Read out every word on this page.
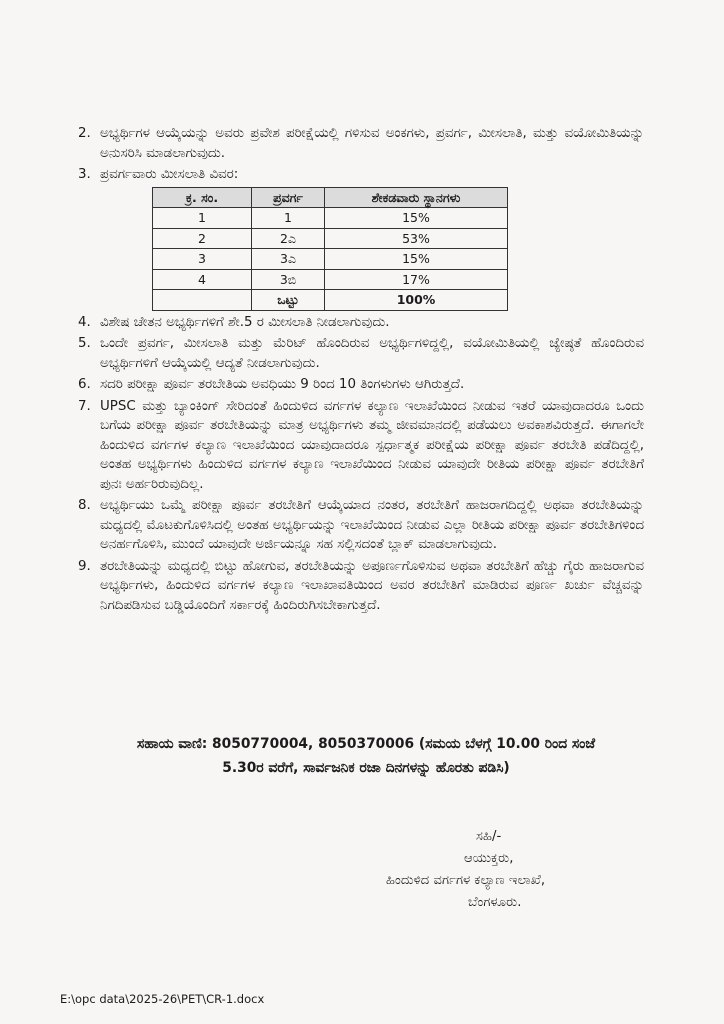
2. ಅಭ್ಯರ್ಥಿಗಳ ಆಯ್ಕೆಯನ್ನು ಅವರು ಪ್ರವೇಶ ಪರೀಕ್ಷೆಯಲ್ಲಿ ಗಳಿಸುವ ಅಂಕಗಳು, ಪ್ರವರ್ಗ, ಮೀಸಲಾತಿ, ಮತ್ತು ವಯೋಮಿತಿಯನ್ನು ಅನುಸರಿಸಿ ಮಾಡಲಾಗುವುದು.
3. ಪ್ರವರ್ಗವಾರು ಮೀಸಲಾತಿ ವಿವರ:
ಕ್ರ. ಸಂ.	ಪ್ರವರ್ಗ	ಶೇಕಡವಾರು ಸ್ಥಾನಗಳು
1	1	15%
2	2ಎ	53%
3	3ಎ	15%
4	3ಬಿ	17%
	ಒಟ್ಟು	100%
4. ವಿಶೇಷ ಚೇತನ ಅಭ್ಯರ್ಥಿಗಳಿಗೆ ಶೇ.5 ರ ಮೀಸಲಾತಿ ನೀಡಲಾಗುವುದು.
5. ಒಂದೇ ಪ್ರವರ್ಗ, ಮೀಸಲಾತಿ ಮತ್ತು ಮೆರಿಟ್ ಹೊಂದಿರುವ ಅಭ್ಯರ್ಥಿಗಳಿದ್ದಲ್ಲಿ, ವಯೋಮಿತಿಯಲ್ಲಿ ಜ್ಯೇಷ್ಠತೆ ಹೊಂದಿರುವ ಅಭ್ಯರ್ಥಿಗಳಿಗೆ ಆಯ್ಕೆಯಲ್ಲಿ ಆದ್ಯತೆ ನೀಡಲಾಗುವುದು.
6. ಸದರಿ ಪರೀಕ್ಷಾ ಪೂರ್ವ ತರಬೇತಿಯ ಅವಧಿಯು 9 ರಿಂದ 10 ತಿಂಗಳುಗಳು ಆಗಿರುತ್ತದೆ.
7. UPSC ಮತ್ತು ಬ್ಯಾಂಕಿಂಗ್ ಸೇರಿದಂತೆ ಹಿಂದುಳಿದ ವರ್ಗಗಳ ಕಲ್ಯಾಣ ಇಲಾಖೆಯಿಂದ ನೀಡುವ ಇತರೆ ಯಾವುದಾದರೂ ಒಂದು ಬಗೆಯ ಪರೀಕ್ಷಾ ಪೂರ್ವ ತರಬೇತಿಯನ್ನು ಮಾತ್ರ ಅಭ್ಯರ್ಥಿಗಳು ತಮ್ಮ ಜೀವಮಾನದಲ್ಲಿ ಪಡೆಯಲು ಅವಕಾಶವಿರುತ್ತದೆ. ಈಗಾಗಲೇ ಹಿಂದುಳಿದ ವರ್ಗಗಳ ಕಲ್ಯಾಣ ಇಲಾಖೆಯಿಂದ ಯಾವುದಾದರೂ ಸ್ಪರ್ಧಾತ್ಮಕ ಪರೀಕ್ಷೆಯ ಪರೀಕ್ಷಾ ಪೂರ್ವ ತರಬೇತಿ ಪಡೆದಿದ್ದಲ್ಲಿ, ಅಂತಹ ಅಭ್ಯರ್ಥಿಗಳು ಹಿಂದುಳಿದ ವರ್ಗಗಳ ಕಲ್ಯಾಣ ಇಲಾಖೆಯಿಂದ ನೀಡುವ ಯಾವುದೇ ರೀತಿಯ ಪರೀಕ್ಷಾ ಪೂರ್ವ ತರಬೇತಿಗೆ ಪುನಃ ಅರ್ಹರಿರುವುದಿಲ್ಲ.
8. ಅಭ್ಯರ್ಥಿಯು ಒಮ್ಮೆ ಪರೀಕ್ಷಾ ಪೂರ್ವ ತರಬೇತಿಗೆ ಆಯ್ಕೆಯಾದ ನಂತರ, ತರಬೇತಿಗೆ ಹಾಜರಾಗದಿದ್ದಲ್ಲಿ ಅಥವಾ ತರಬೇತಿಯನ್ನು ಮಧ್ಯದಲ್ಲಿ ಮೊಟಕುಗೊಳಿಸಿದಲ್ಲಿ ಅಂತಹ ಅಭ್ಯರ್ಥಿಯನ್ನು ಇಲಾಖೆಯಿಂದ ನೀಡುವ ಎಲ್ಲಾ ರೀತಿಯ ಪರೀಕ್ಷಾ ಪೂರ್ವ ತರಬೇತಿಗಳಿಂದ ಅನರ್ಹಗೊಳಿಸಿ, ಮುಂದೆ ಯಾವುದೇ ಅರ್ಜಿಯನ್ನೂ ಸಹ ಸಲ್ಲಿಸದಂತೆ ಬ್ಲಾಕ್ ಮಾಡಲಾಗುವುದು.
9. ತರಬೇತಿಯನ್ನು ಮಧ್ಯದಲ್ಲಿ ಬಿಟ್ಟು ಹೋಗುವ, ತರಬೇತಿಯನ್ನು ಅಪೂರ್ಣಗೊಳಿಸುವ ಅಥವಾ ತರಬೇತಿಗೆ ಹೆಚ್ಚು ಗೈರು ಹಾಜರಾಗುವ ಅಭ್ಯರ್ಥಿಗಳು, ಹಿಂದುಳಿದ ವರ್ಗಗಳ ಕಲ್ಯಾಣ ಇಲಾಖಾವತಿಯಿಂದ ಅವರ ತರಬೇತಿಗೆ ಮಾಡಿರುವ ಪೂರ್ಣ ಖರ್ಚು ವೆಚ್ಚವನ್ನು ನಿಗದಿಪಡಿಸುವ ಬಡ್ಡಿಯೊಂದಿಗೆ ಸರ್ಕಾರಕ್ಕೆ ಹಿಂದಿರುಗಿಸಬೇಕಾಗುತ್ತದೆ.
ಸಹಾಯ ವಾಣಿ: 8050770004, 8050370006 (ಸಮಯ ಬೆಳಗ್ಗೆ 10.00 ರಿಂದ ಸಂಜೆ
5.30ರ ವರೆಗೆ, ಸಾರ್ವಜನಿಕ ರಜಾ ದಿನಗಳನ್ನು ಹೊರತು ಪಡಿಸಿ)
ಸಹಿ/-
ಆಯುಕ್ತರು,
ಹಿಂದುಳಿದ ವರ್ಗಗಳ ಕಲ್ಯಾಣ ಇಲಾಖೆ,
ಬೆಂಗಳೂರು.
E:\opc data\2025-26\PET\CR-1.docx
